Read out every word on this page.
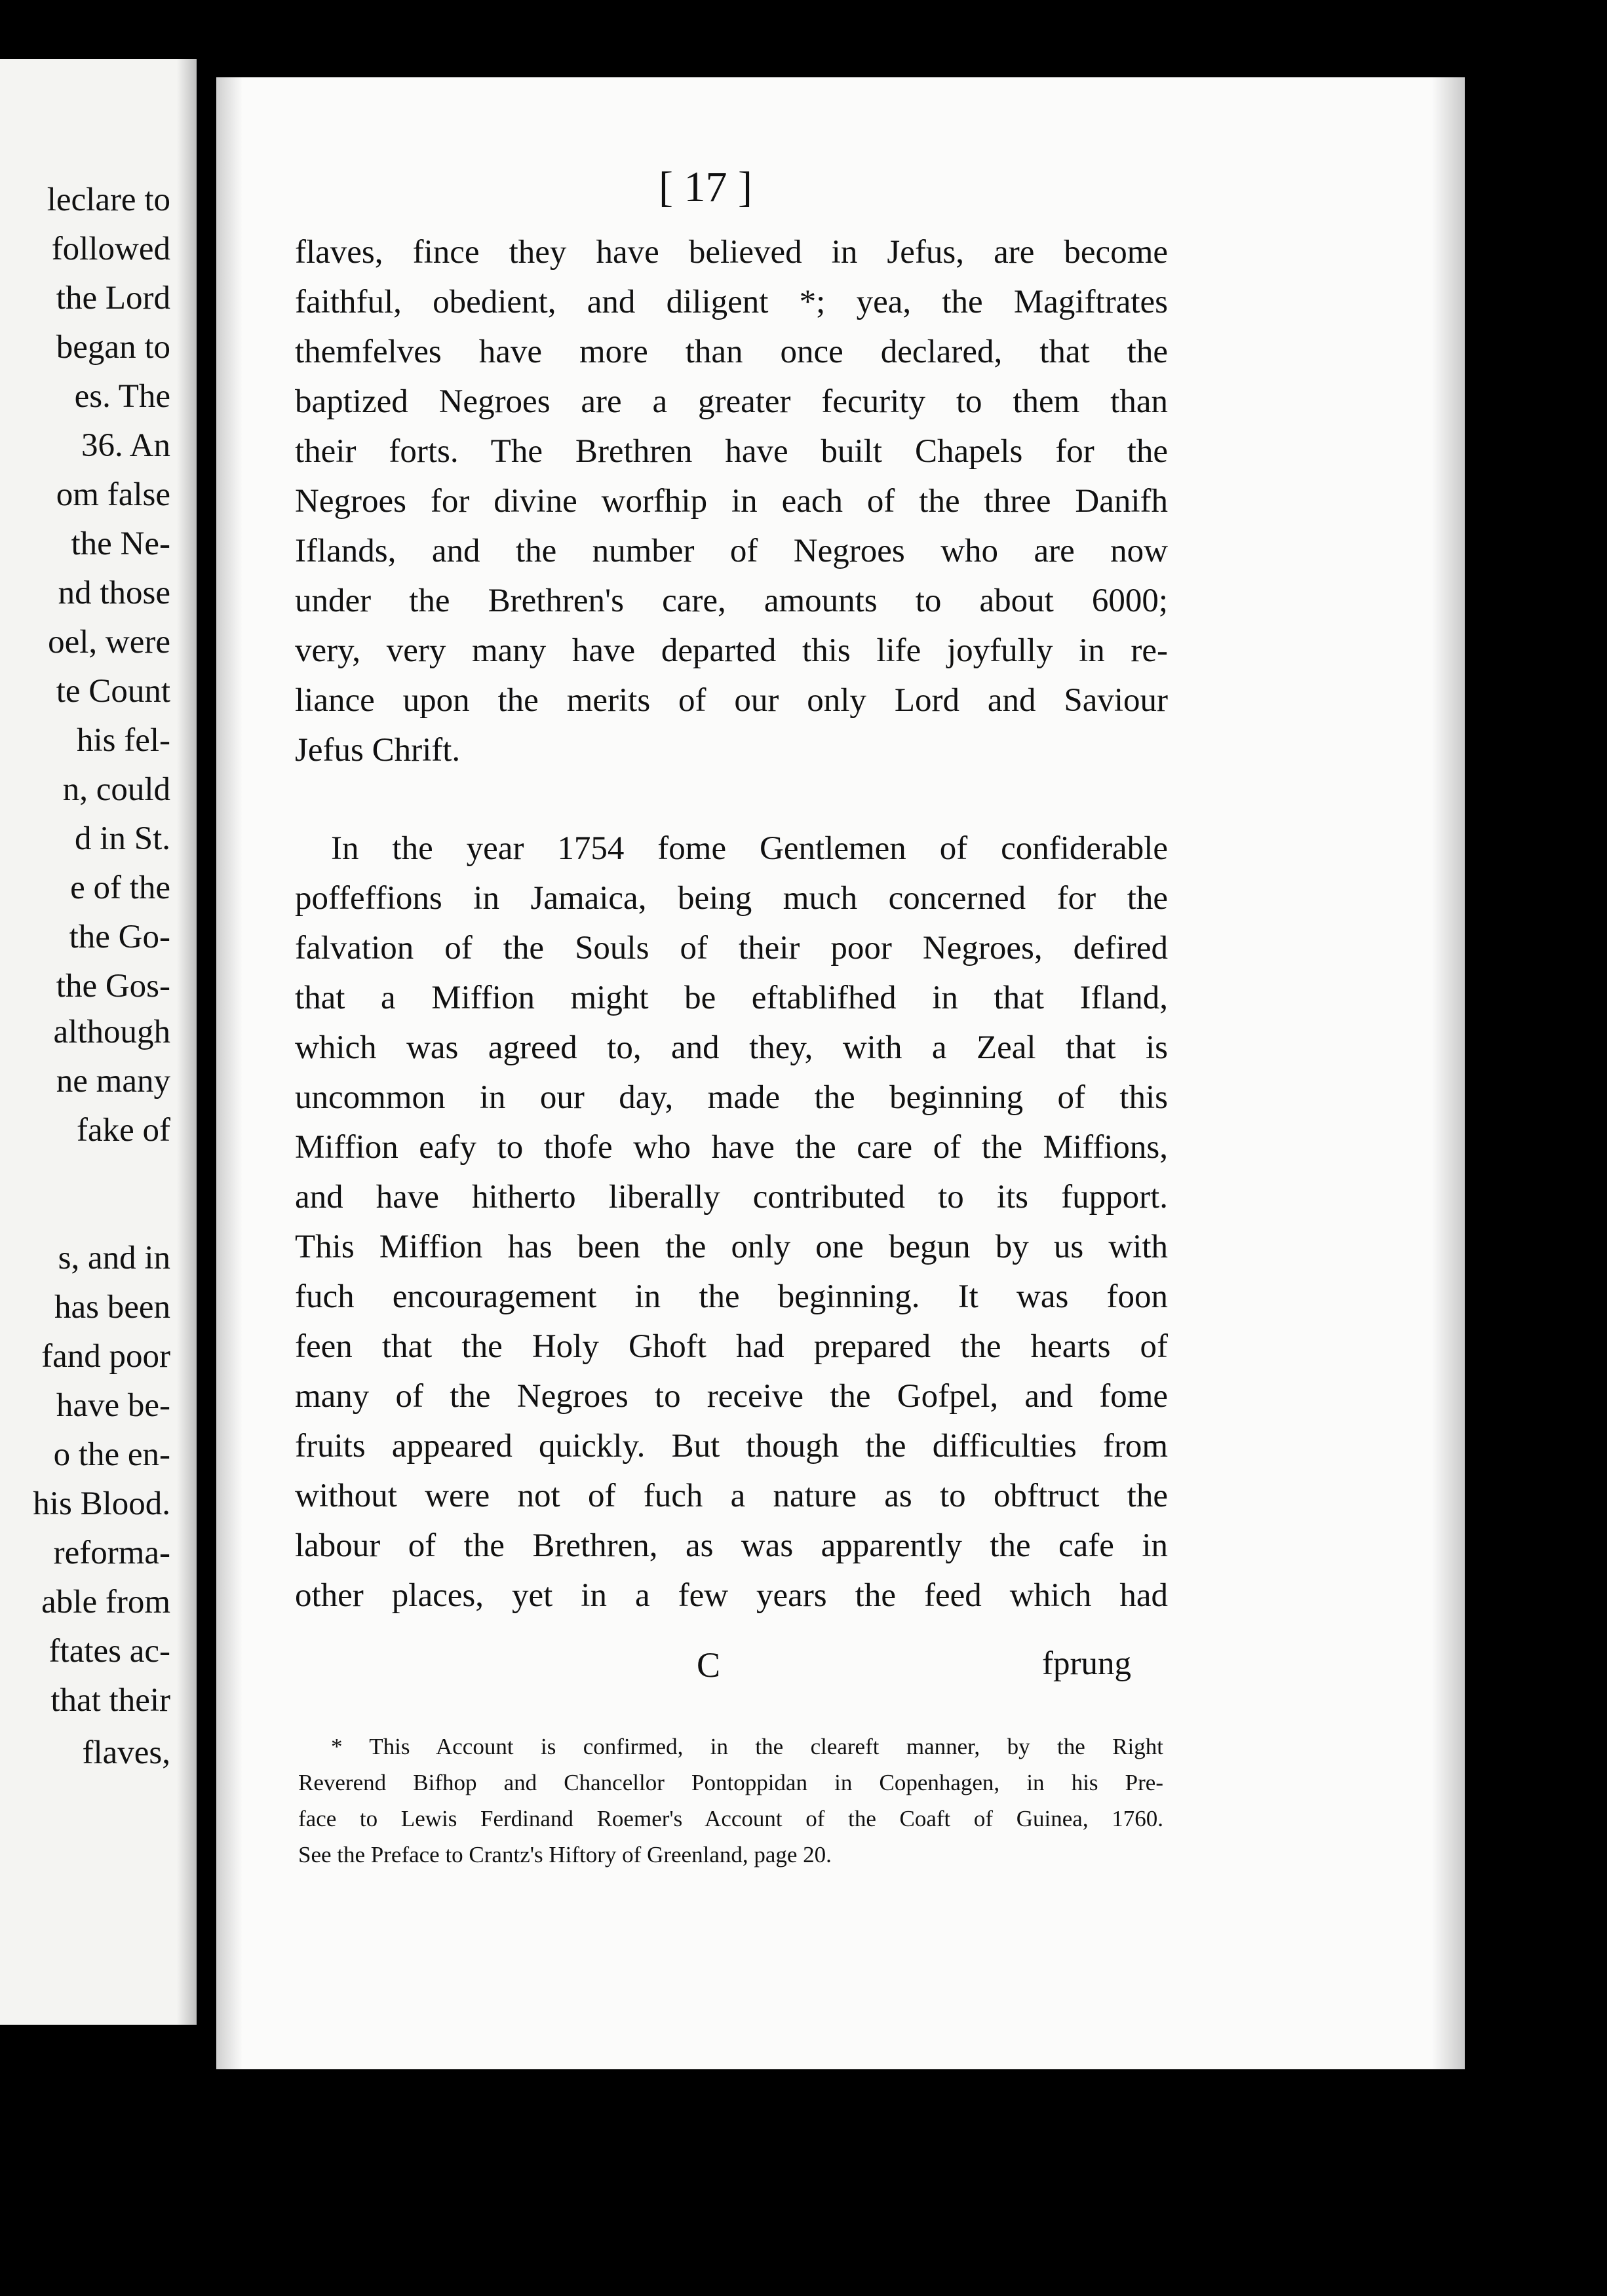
leclare to
followed
the Lord
began to
es. The
36. An
om false
the Ne-
nd those
oel, were
te Count
his fel-
n, could
d in St.
e of the
the Go-
the Gos-
although
ne many
fake of
s, and in
has been
fand poor
have be-
o the en-
his Blood.
reforma-
able from
ftates ac-
that their
flaves,
[ 17 ]
flaves, fince they have believed in Jefus, are become
faithful, obedient, and diligent *; yea, the Magiftrates
themfelves have more than once declared, that the
baptized Negroes are a greater fecurity to them than
their forts. The Brethren have built Chapels for the
Negroes for divine worfhip in each of the three Danifh
Iflands, and the number of Negroes who are now
under the Brethren's care, amounts to about 6000;
very, very many have departed this life joyfully in re-
liance upon the merits of our only Lord and Saviour
Jefus Chrift.
In the year 1754 fome Gentlemen of confiderable
poffeffions in Jamaica, being much concerned for the
falvation of the Souls of their poor Negroes, defired
that a Miffion might be eftablifhed in that Ifland,
which was agreed to, and they, with a Zeal that is
uncommon in our day, made the beginning of this
Miffion eafy to thofe who have the care of the Miffions,
and have hitherto liberally contributed to its fupport.
This Miffion has been the only one begun by us with
fuch encouragement in the beginning. It was foon
feen that the Holy Ghoft had prepared the hearts of
many of the Negroes to receive the Gofpel, and fome
fruits appeared quickly. But though the difficulties from
without were not of fuch a nature as to obftruct the
labour of the Brethren, as was apparently the cafe in
other places, yet in a few years the feed which had
C	fprung
* This Account is confirmed, in the cleareft manner, by the Right
Reverend Bifhop and Chancellor Pontoppidan in Copenhagen, in his Pre-
face to Lewis Ferdinand Roemer's Account of the Coaft of Guinea, 1760.
See the Preface to Crantz's Hiftory of Greenland, page 20.
